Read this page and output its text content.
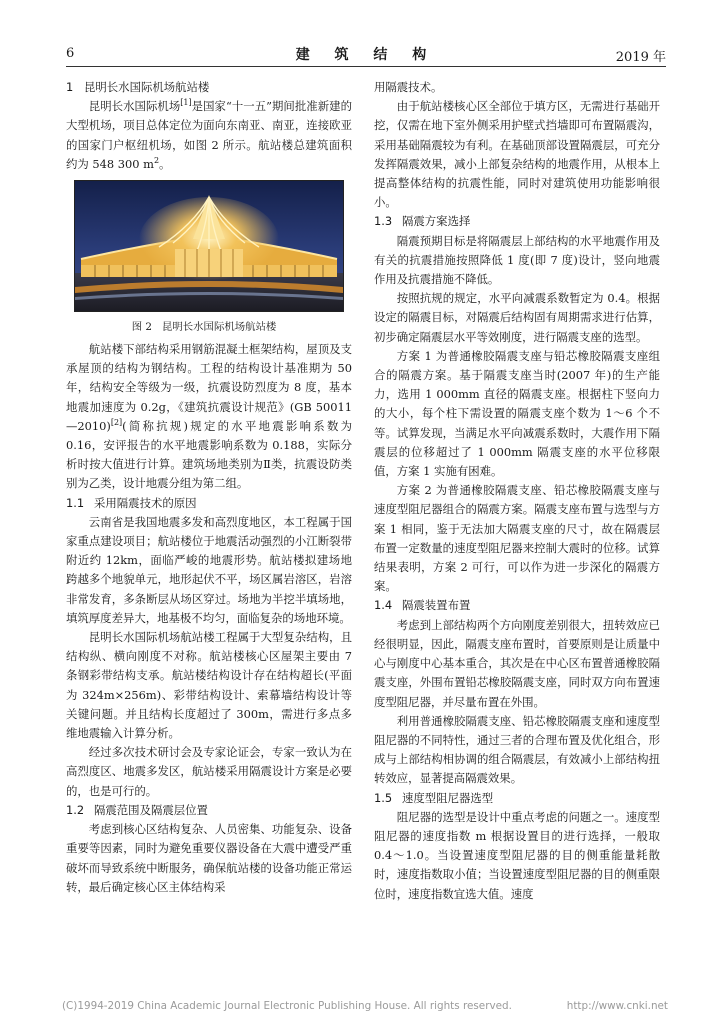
6	建 筑 结 构	2019 年

1 昆明长水国际机场航站楼

昆明长水国际机场[1]是国家“十一五”期间批准新建的大型机场，项目总体定位为面向东南亚、南亚，连接欧亚的国家门户枢纽机场，如图 2 所示。航站楼总建筑面积约为 548 300 $m^2$。

图 2 昆明长水国际机场航站楼

航站楼下部结构采用钢筋混凝土框架结构，屋顶及支承屋顶的结构为钢结构。工程的结构设计基准期为 50 年，结构安全等级为一级，抗震设防烈度为 8 度，基本地震加速度为 0.2g，《建筑抗震设计规范》(GB 50011—2010)[2](简称抗规)规定的水平地震影响系数为 0.16，安评报告的水平地震影响系数为 0.188，实际分析时按大值进行计算。建筑场地类别为Ⅱ类，抗震设防类别为乙类，设计地震分组为第二组。

1.1 采用隔震技术的原因

云南省是我国地震多发和高烈度地区，本工程属于国家重点建设项目；航站楼位于地震活动强烈的小江断裂带附近约 12km，面临严峻的地震形势。航站楼拟建场地跨越多个地貌单元，地形起伏不平，场区属岩溶区，岩溶非常发育，多条断层从场区穿过。场地为半挖半填场地，填筑厚度差异大，地基极不均匀，面临复杂的场地环境。

昆明长水国际机场航站楼工程属于大型复杂结构，且结构纵、横向刚度不对称。航站楼核心区屋架主要由 7 条钢彩带结构支承。航站楼结构设计存在结构超长(平面为 324m×256m)、彩带结构设计、索幕墙结构设计等关键问题。并且结构长度超过了 300m，需进行多点多维地震输入计算分析。

经过多次技术研讨会及专家论证会，专家一致认为在高烈度区、地震多发区，航站楼采用隔震设计方案是必要的，也是可行的。

1.2 隔震范围及隔震层位置

考虑到核心区结构复杂、人员密集、功能复杂、设备重要等因素，同时为避免重要仪器设备在大震中遭受严重破坏而导致系统中断服务，确保航站楼的设备功能正常运转，最后确定核心区主体结构采

用隔震技术。

由于航站楼核心区全部位于填方区，无需进行基础开挖，仅需在地下室外侧采用护壁式挡墙即可布置隔震沟，采用基础隔震较为有利。在基础顶部设置隔震层，可充分发挥隔震效果，减小上部复杂结构的地震作用，从根本上提高整体结构的抗震性能，同时对建筑使用功能影响很小。

1.3 隔震方案选择

隔震预期目标是将隔震层上部结构的水平地震作用及有关的抗震措施按照降低 1 度(即 7 度)设计，竖向地震作用及抗震措施不降低。

按照抗规的规定，水平向减震系数暂定为 0.4。根据设定的隔震目标，对隔震后结构固有周期需求进行估算，初步确定隔震层水平等效刚度，进行隔震支座的选型。

方案 1 为普通橡胶隔震支座与铅芯橡胶隔震支座组合的隔震方案。基于隔震支座当时(2007 年)的生产能力，选用 1 000mm 直径的隔震支座。根据柱下竖向力的大小，每个柱下需设置的隔震支座个数为 1～6 个不等。试算发现，当满足水平向减震系数时，大震作用下隔震层的位移超过了 1 000mm 隔震支座的水平位移限值，方案 1 实施有困难。

方案 2 为普通橡胶隔震支座、铅芯橡胶隔震支座与速度型阻尼器组合的隔震方案。隔震支座布置与选型与方案 1 相同，鉴于无法加大隔震支座的尺寸，故在隔震层布置一定数量的速度型阻尼器来控制大震时的位移。试算结果表明，方案 2 可行，可以作为进一步深化的隔震方案。

1.4 隔震装置布置

考虑到上部结构两个方向刚度差别很大，扭转效应已经很明显，因此，隔震支座布置时，首要原则是让质量中心与刚度中心基本重合，其次是在中心区布置普通橡胶隔震支座，外围布置铅芯橡胶隔震支座，同时双方向布置速度型阻尼器，并尽量布置在外围。

利用普通橡胶隔震支座、铅芯橡胶隔震支座和速度型阻尼器的不同特性，通过三者的合理布置及优化组合，形成与上部结构相协调的组合隔震层，有效减小上部结构扭转效应，显著提高隔震效果。

1.5 速度型阻尼器选型

阻尼器的选型是设计中重点考虑的问题之一。速度型阻尼器的速度指数 m 根据设置目的进行选择，一般取 0.4～1.0。当设置速度型阻尼器的目的侧重能量耗散时，速度指数取小值；当设置速度型阻尼器的目的侧重限位时，速度指数宜选大值。速度

(C)1994-2019 China Academic Journal Electronic Publishing House. All rights reserved.	http://www.cnki.net
